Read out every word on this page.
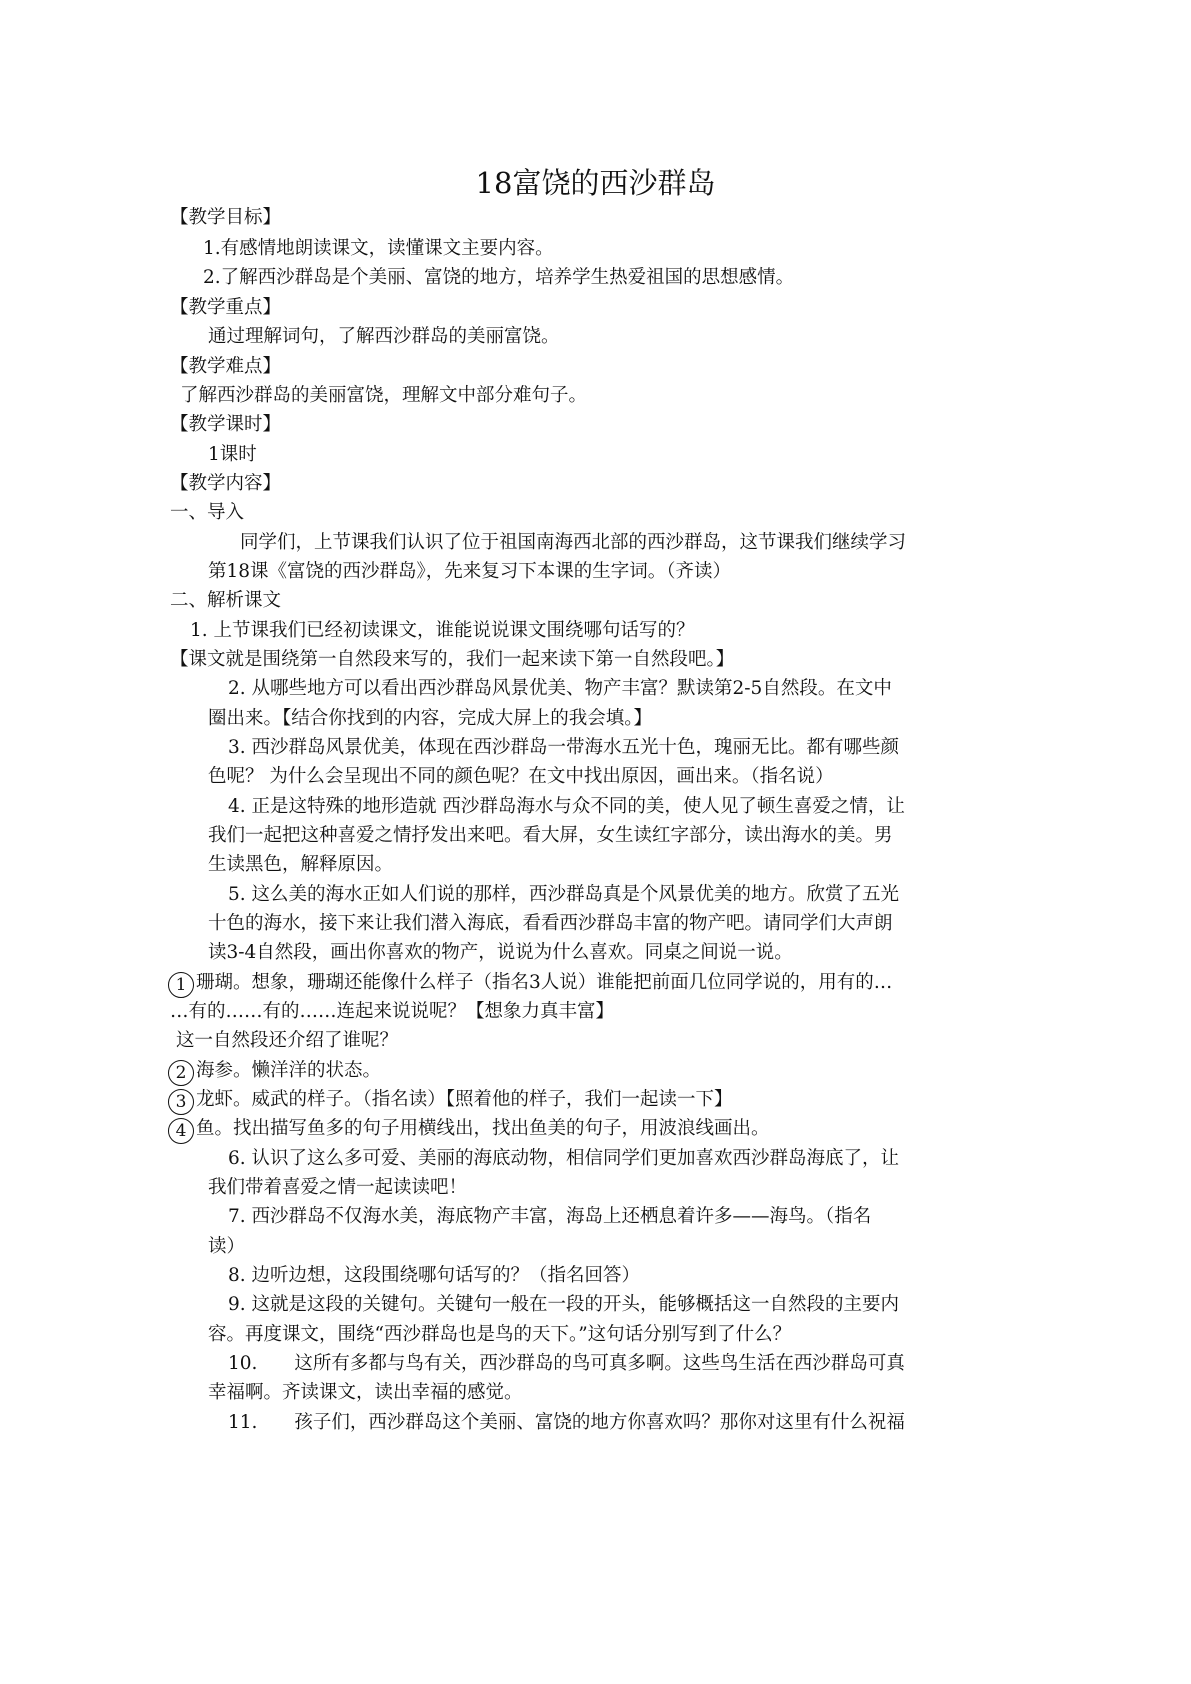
18富饶的西沙群岛
【教学目标】
1.有感情地朗读课文，读懂课文主要内容。
2.了解西沙群岛是个美丽、富饶的地方，培养学生热爱祖国的思想感情。
【教学重点】
通过理解词句，了解西沙群岛的美丽富饶。
【教学难点】
了解西沙群岛的美丽富饶，理解文中部分难句子。
【教学课时】
1课时
【教学内容】
一、导入
同学们，上节课我们认识了位于祖国南海西北部的西沙群岛，这节课我们继续学习
第18课《富饶的西沙群岛》，先来复习下本课的生字词。（齐读）
二、解析课文
1. 上节课我们已经初读课文，谁能说说课文围绕哪句话写的？
【课文就是围绕第一自然段来写的，我们一起来读下第一自然段吧。】
2. 从哪些地方可以看出西沙群岛风景优美、物产丰富？默读第2-5自然段。在文中
圈出来。【结合你找到的内容，完成大屏上的我会填。】
3. 西沙群岛风景优美，体现在西沙群岛一带海水五光十色，瑰丽无比。都有哪些颜
色呢？ 为什么会呈现出不同的颜色呢？在文中找出原因，画出来。（指名说）
4. 正是这特殊的地形造就 西沙群岛海水与众不同的美，使人见了顿生喜爱之情，让
我们一起把这种喜爱之情抒发出来吧。看大屏，女生读红字部分，读出海水的美。男
生读黑色，解释原因。
5. 这么美的海水正如人们说的那样，西沙群岛真是个风景优美的地方。欣赏了五光
十色的海水，接下来让我们潜入海底，看看西沙群岛丰富的物产吧。请同学们大声朗
读3-4自然段，画出你喜欢的物产，说说为什么喜欢。同桌之间说一说。
1 珊瑚。想象，珊瑚还能像什么样子（指名3人说）谁能把前面几位同学说的，用有的…
…有的……有的……连起来说说呢？【想象力真丰富】
这一自然段还介绍了谁呢？
2 海参。懒洋洋的状态。
3 龙虾。威武的样子。（指名读）【照着他的样子，我们一起读一下】
4 鱼。找出描写鱼多的句子用横线出，找出鱼美的句子，用波浪线画出。
6. 认识了这么多可爱、美丽的海底动物，相信同学们更加喜欢西沙群岛海底了，让
我们带着喜爱之情一起读读吧！
7. 西沙群岛不仅海水美，海底物产丰富，海岛上还栖息着许多——海鸟。（指名
读）
8. 边听边想，这段围绕哪句话写的？（指名回答）
9. 这就是这段的关键句。关键句一般在一段的开头，能够概括这一自然段的主要内
容。再度课文，围绕“西沙群岛也是鸟的天下。”这句话分别写到了什么？
10.　　这所有多都与鸟有关，西沙群岛的鸟可真多啊。这些鸟生活在西沙群岛可真
幸福啊。齐读课文，读出幸福的感觉。
11.　　孩子们，西沙群岛这个美丽、富饶的地方你喜欢吗？那你对这里有什么祝福
